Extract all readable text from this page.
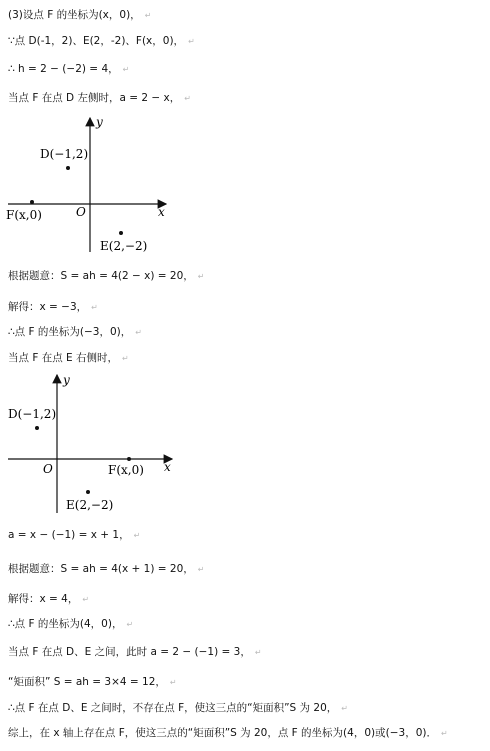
(3)设点 F 的坐标为(x，0)， ↵
∵点 D(-1，2)、E(2，-2)、F(x，0)， ↵
∴ h = 2 − (−2) = 4， ↵
当点 F 在点 D 左侧时，a = 2 − x， ↵
根据题意：S = ah = 4(2 − x) = 20， ↵
解得：x = −3， ↵
∴点 F 的坐标为(−3，0)， ↵
当点 F 在点 E 右侧时， ↵
a = x − (−1) = x + 1， ↵
根据题意：S = ah = 4(x + 1) = 20， ↵
解得：x = 4， ↵
∴点 F 的坐标为(4，0)， ↵
当点 F 在点 D、E 之间，此时 a = 2 − (−1) = 3， ↵
“矩面积” S = ah = 3×4 = 12， ↵
∴点 F 在点 D、E 之间时，不存在点 F，使这三点的“矩面积”S 为 20， ↵
综上，在 x 轴上存在点 F，使这三点的“矩面积”S 为 20，点 F 的坐标为(4，0)或(−3，0)． ↵
y
x
O
D(−1,2)
F(x,0)
E(2,−2)
y
x
O
D(−1,2)
F(x,0)
E(2,−2)
